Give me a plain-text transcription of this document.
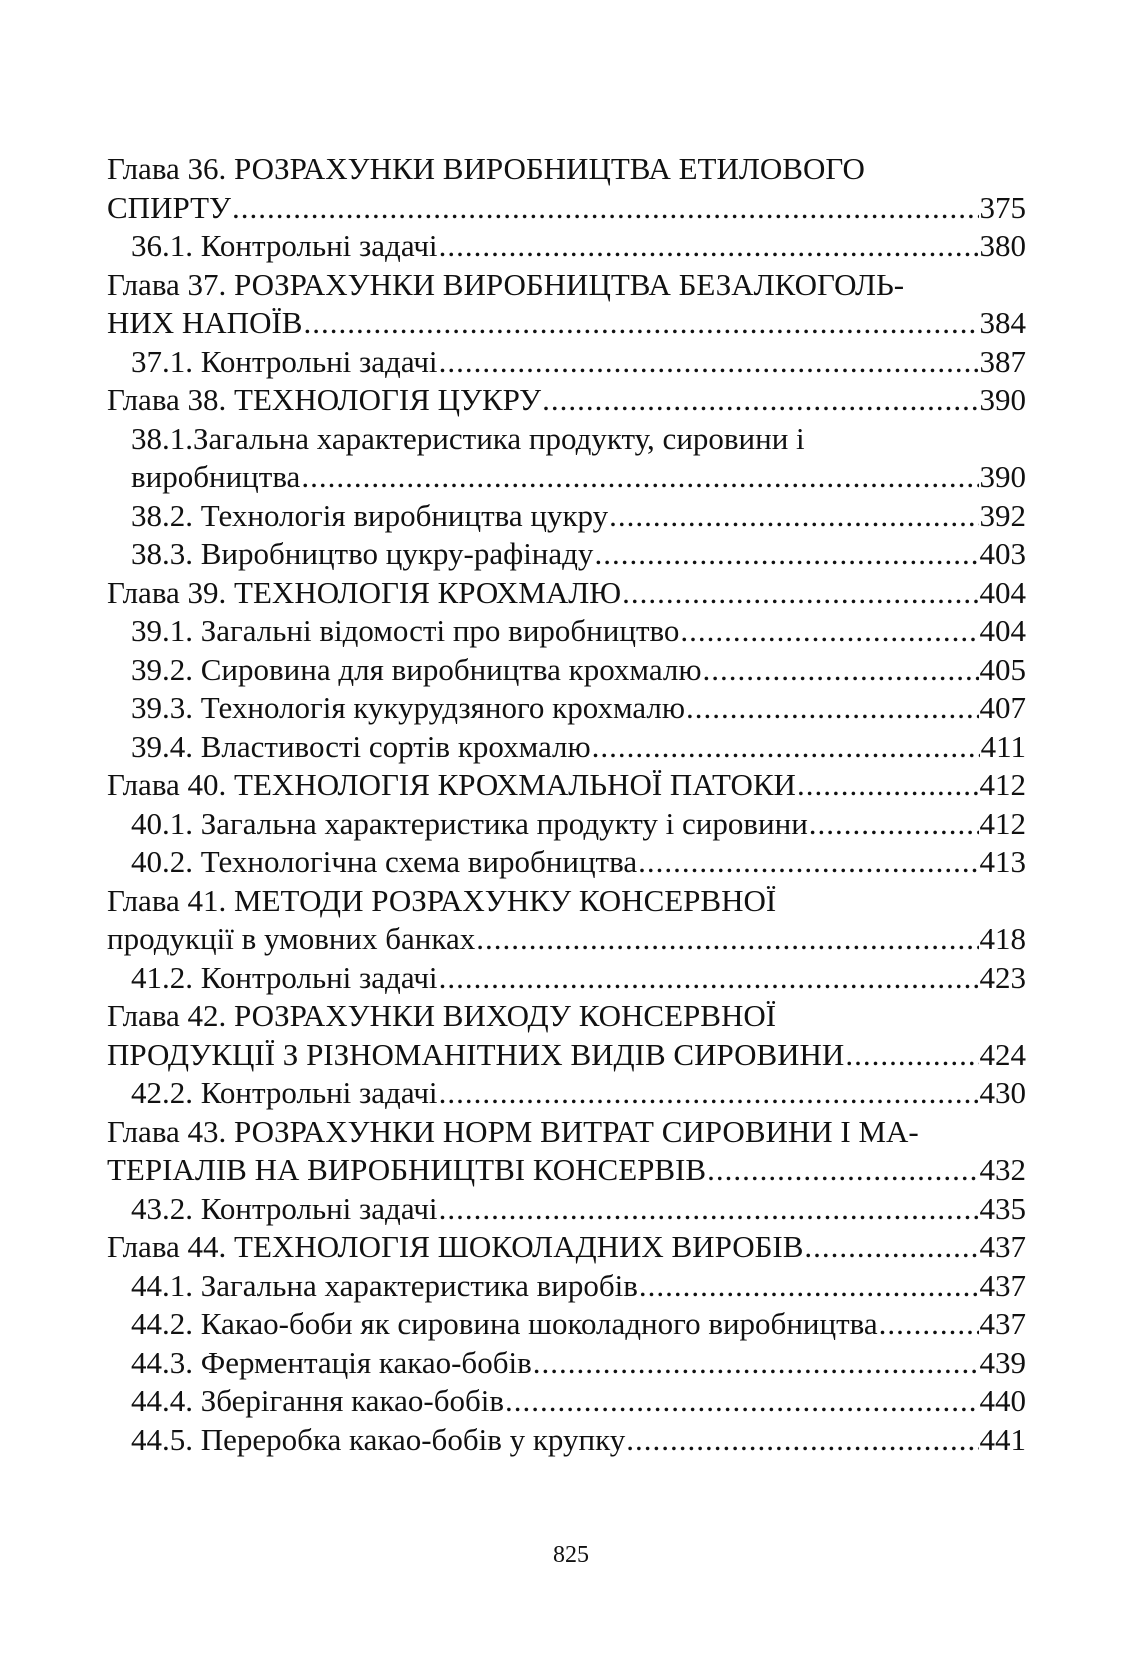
Глава 36. РОЗРАХУНКИ ВИРОБНИЦТВА ЕТИЛОВОГО
СПИРТУ .....	375
36.1. Контрольні задачі .....	380
Глава 37. РОЗРАХУНКИ ВИРОБНИЦТВА БЕЗАЛКОГОЛЬ-
НИХ НАПОЇВ .....	384
37.1. Контрольні задачі .....	387
Глава 38. ТЕХНОЛОГІЯ ЦУКРУ .....	390
38.1.Загальна характеристика продукту, сировини і
виробництва .....	390
38.2. Технологія виробництва цукру .....	392
38.3. Виробництво цукру-рафінаду .....	403
Глава 39. ТЕХНОЛОГІЯ КРОХМАЛЮ .....	404
39.1. Загальні відомості про виробництво .....	404
39.2. Сировина для виробництва крохмалю .....	405
39.3. Технологія кукурудзяного крохмалю .....	407
39.4. Властивості сортів крохмалю .....	411
Глава 40. ТЕХНОЛОГІЯ КРОХМАЛЬНОЇ ПАТОКИ .....	412
40.1. Загальна характеристика продукту і сировини .....	412
40.2. Технологічна схема виробництва .....	413
Глава 41. МЕТОДИ РОЗРАХУНКУ КОНСЕРВНОЇ
продукції в умовних банках .....	418
41.2. Контрольні задачі .....	423
Глава 42. РОЗРАХУНКИ ВИХОДУ КОНСЕРВНОЇ
ПРОДУКЦІЇ З РІЗНОМАНІТНИХ ВИДІВ СИРОВИНИ .....	424
42.2. Контрольні задачі .....	430
Глава 43. РОЗРАХУНКИ НОРМ ВИТРАТ СИРОВИНИ І МА-
ТЕРІАЛІВ НА ВИРОБНИЦТВІ КОНСЕРВІВ .....	432
43.2. Контрольні задачі .....	435
Глава 44. ТЕХНОЛОГІЯ ШОКОЛАДНИХ ВИРОБІВ .....	437
44.1. Загальна характеристика виробів .....	437
44.2. Какао-боби як сировина шоколадного виробництва .....	437
44.3. Ферментація какао-бобів .....	439
44.4. Зберігання какао-бобів .....	440
44.5. Переробка какао-бобів у крупку .....	441
825
